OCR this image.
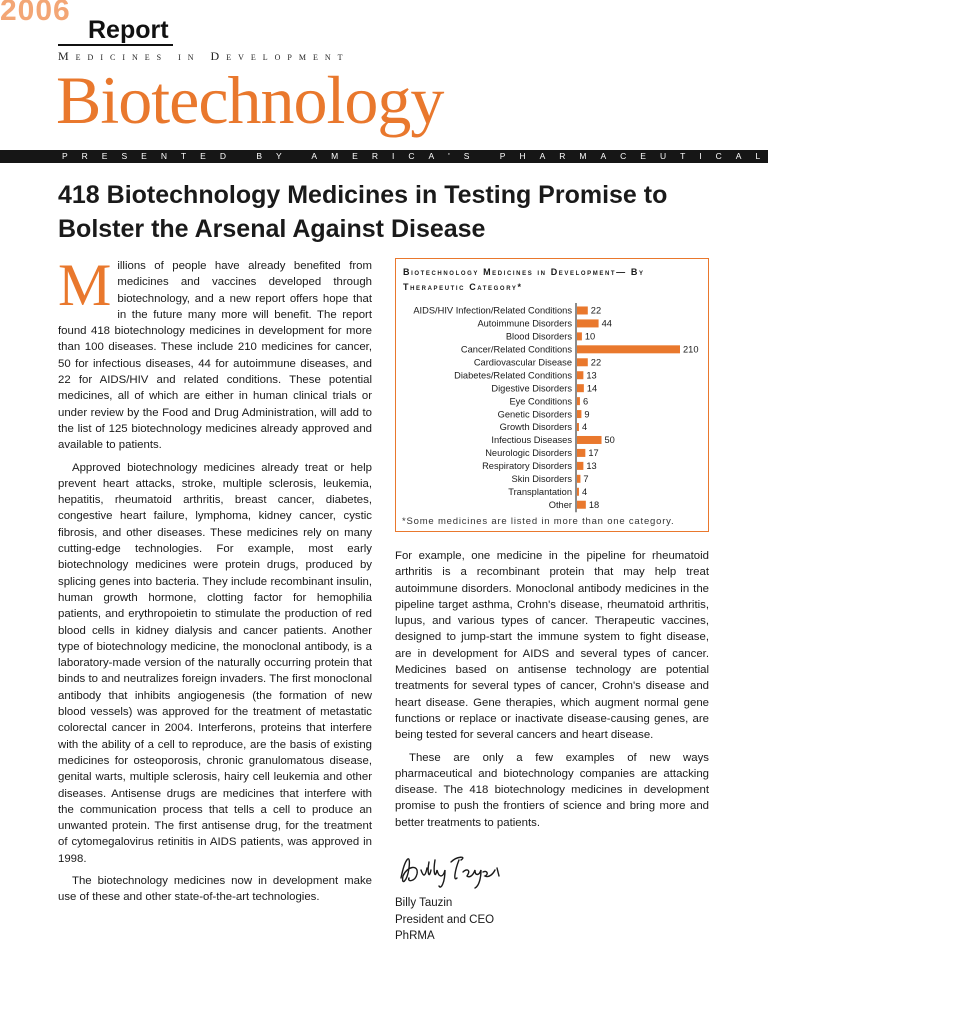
2006
Report
Medicines in Development
Biotechnology
PRESENTED BY AMERICA'S PHARMACEUTICAL COMPANIES
418 Biotechnology Medicines in Testing Promise to Bolster the Arsenal Against Disease

Millions of people have already benefited from medicines and vaccines developed through biotechnology, and a new report offers hope that in the future many more will benefit. The report found 418 biotechnology medicines in development for more than 100 diseases. These include 210 medicines for cancer, 50 for infectious diseases, 44 for autoimmune diseases, and 22 for AIDS/HIV and related conditions. These potential medicines, all of which are either in human clinical trials or under review by the Food and Drug Administration, will add to the list of 125 biotechnology medicines already approved and available to patients.

Approved biotechnology medicines already treat or help prevent heart attacks, stroke, multiple sclerosis, leukemia, hepatitis, rheumatoid arthritis, breast cancer, diabetes, congestive heart failure, lymphoma, kidney cancer, cystic fibrosis, and other diseases. These medicines rely on many cutting-edge technologies. For example, most early biotechnology medicines were protein drugs, produced by splicing genes into bacteria. They include recombinant insulin, human growth hormone, clotting factor for hemophilia patients, and erythropoietin to stimulate the production of red blood cells in kidney dialysis and cancer patients. Another type of biotechnology medicine, the monoclonal antibody, is a laboratory-made version of the naturally occurring protein that binds to and neutralizes foreign invaders. The first monoclonal antibody that inhibits angiogenesis (the formation of new blood vessels) was approved for the treatment of metastatic colorectal cancer in 2004. Interferons, proteins that interfere with the ability of a cell to reproduce, are the basis of existing medicines for osteoporosis, chronic granulomatous disease, genital warts, multiple sclerosis, hairy cell leukemia and other diseases. Antisense drugs are medicines that interfere with the communication process that tells a cell to produce an unwanted protein. The first antisense drug, for the treatment of cytomegalovirus retinitis in AIDS patients, was approved in 1998.

The biotechnology medicines now in development make use of these and other state-of-the-art technologies.

Biotechnology Medicines in Development— By Therapeutic Category*
AIDS/HIV Infection/Related Conditions 22
Autoimmune Disorders	44
Blood Disorders 10
Cancer/Related Conditions	210
Cardiovascular Disease 22
Diabetes/Related Conditions 13
Digestive Disorders 14
Eye Conditions 6
Genetic Disorders 9
Growth Disorders 4
Infectious Diseases	50
Neurologic Disorders 17
Respiratory Disorders 13
Skin Disorders 7
Transplantation 4
Other 18
*Some medicines are listed in more than one category.

For example, one medicine in the pipeline for rheumatoid arthritis is a recombinant protein that may help treat autoimmune disorders. Monoclonal antibody medicines in the pipeline target asthma, Crohn's disease, rheumatoid arthritis, lupus, and various types of cancer. Therapeutic vaccines, designed to jump-start the immune system to fight disease, are in development for AIDS and several types of cancer. Medicines based on antisense technology are potential treatments for several types of cancer, Crohn's disease and heart disease. Gene therapies, which augment normal gene functions or replace or inactivate disease-causing genes, are being tested for several cancers and heart disease.

These are only a few examples of new ways pharmaceutical and biotechnology companies are attacking disease. The 418 biotechnology medicines in development promise to push the frontiers of science and bring more and better treatments to patients.

Billy Tauzin
President and CEO
PhRMA
